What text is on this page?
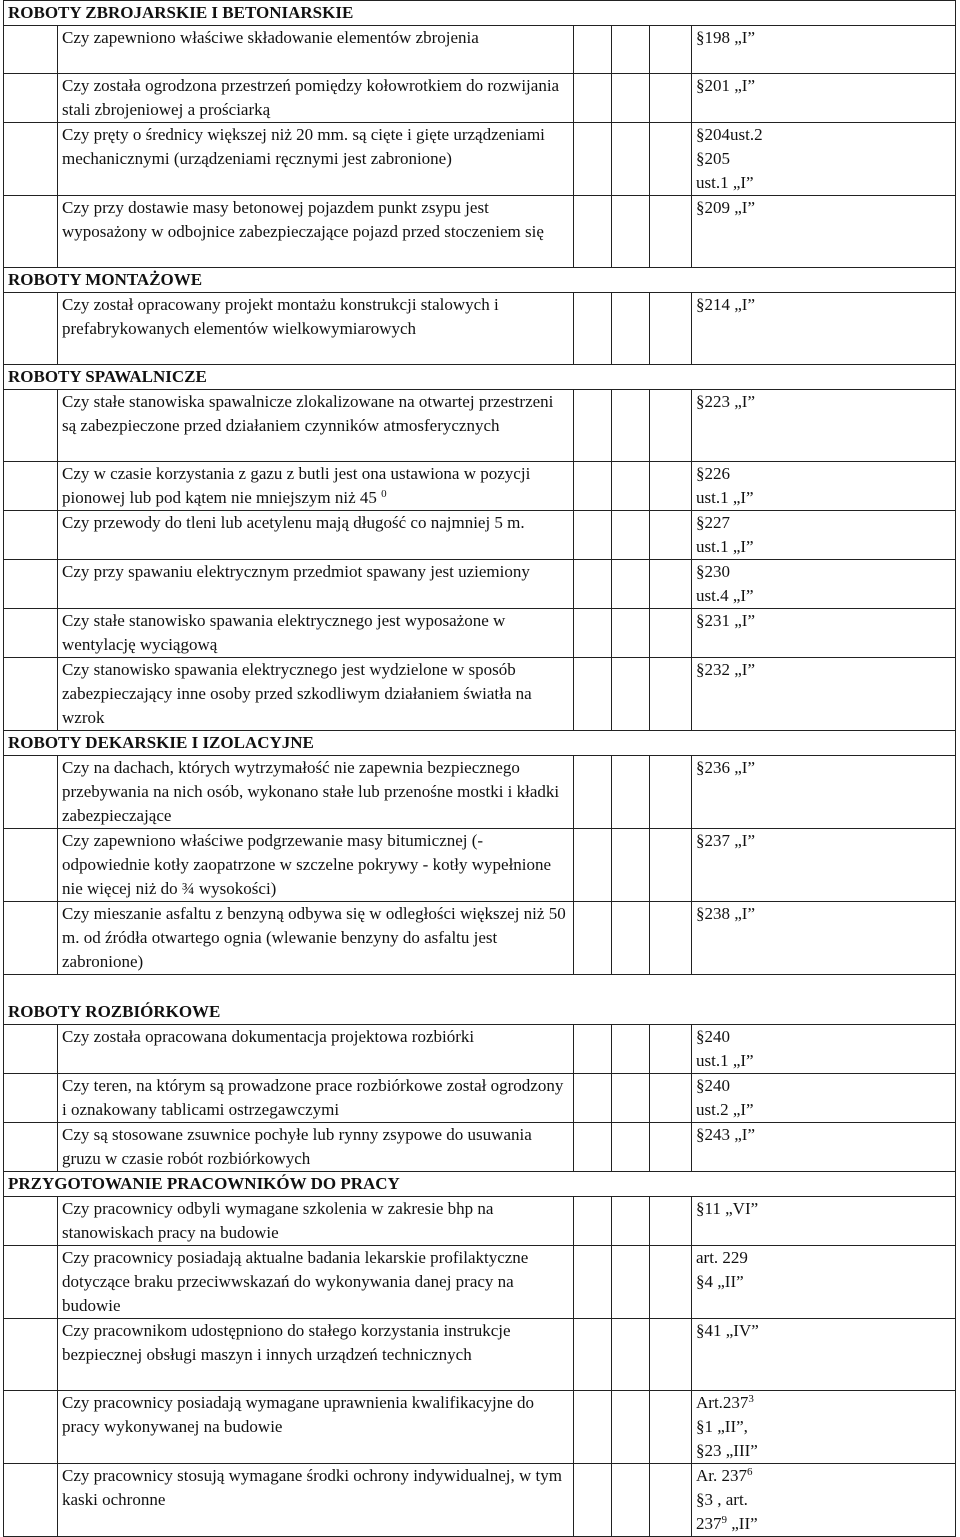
ROBOTY ZBROJARSKIE I BETONIARSKIE					
	Czy zapewniono właściwe składowanie elementów zbrojenia				§198 „I”

	Czy została ogrodzona przestrzeń pomiędzy kołowrotkiem do rozwijania stali zbrojeniowej a prościarką				§201 „I”

	Czy pręty o średnicy większej niż 20 mm. są cięte i gięte urządzeniami mechanicznymi (urządzeniami ręcznymi jest zabronione)				§204ust.2
§205
ust.1 „I”

	Czy przy dostawie masy betonowej pojazdem punkt zsypu jest wyposażony w odbojnice zabezpieczające pojazd przed stoczeniem się				§209 „I”

ROBOTY MONTAŻOWE					
	Czy został opracowany projekt montażu konstrukcji stalowych i prefabrykowanych elementów wielkowymiarowych				§214 „I”

ROBOTY SPAWALNICZE					
	Czy stałe stanowiska spawalnicze zlokalizowane na otwartej przestrzeni są zabezpieczone przed działaniem czynników atmosferycznych				§223 „I”

	Czy w czasie korzystania z gazu z butli jest ona ustawiona w pozycji pionowej lub pod kątem nie mniejszym niż 45 $^0$				§226
ust.1 „I”

	Czy przewody do tleni lub acetylenu mają długość co najmniej 5 m.				§227
ust.1 „I”

	Czy przy spawaniu elektrycznym przedmiot spawany jest uziemiony				§230
ust.4 „I”

	Czy stałe stanowisko spawania elektrycznego jest wyposażone w wentylację wyciągową				§231 „I”

	Czy stanowisko spawania elektrycznego jest wydzielone w sposób zabezpieczający inne osoby przed szkodliwym działaniem światła na wzrok				§232 „I”

ROBOTY DEKARSKIE I IZOLACYJNE					
	Czy na dachach, których wytrzymałość nie zapewnia bezpiecznego przebywania na nich osób, wykonano stałe lub przenośne mostki i kładki zabezpieczające				§236 „I”

	Czy zapewniono właściwe podgrzewanie masy bitumicznej (- odpowiednie kotły zaopatrzone w szczelne pokrywy - kotły wypełnione nie więcej niż do ¾ wysokości)				§237 „I”

	Czy mieszanie asfaltu z benzyną odbywa się w odległości większej niż 50 m. od źródła otwartego ognia (wlewanie benzyny do asfaltu jest zabronione)				§238 „I”

ROBOTY ROZBIÓRKOWE					
	Czy została opracowana dokumentacja projektowa rozbiórki				§240
ust.1 „I”

	Czy teren, na którym są prowadzone prace rozbiórkowe został ogrodzony i oznakowany tablicami ostrzegawczymi				§240
ust.2 „I”

	Czy są stosowane zsuwnice pochyłe lub rynny zsypowe do usuwania gruzu w czasie robót rozbiórkowych				§243 „I”

PRZYGOTOWANIE PRACOWNIKÓW DO PRACY					
	Czy pracownicy odbyli wymagane szkolenia w zakresie bhp na stanowiskach pracy na budowie				§11 „VI”

	Czy pracownicy posiadają aktualne badania lekarskie profilaktyczne dotyczące braku przeciwwskazań do wykonywania danej pracy na budowie				art. 229
§4 „II”

	Czy pracownikom udostępniono do stałego korzystania instrukcje bezpiecznej obsługi maszyn i innych urządzeń technicznych				§41 „IV”

	Czy pracownicy posiadają wymagane uprawnienia kwalifikacyjne do pracy wykonywanej na budowie				Art.237$^3$
§1 „II”,
§23 „III”

	Czy pracownicy stosują wymagane środki ochrony indywidualnej, w tym kaski ochronne				Ar. $237^6$
§3 , art.
$237^9$ „II”
